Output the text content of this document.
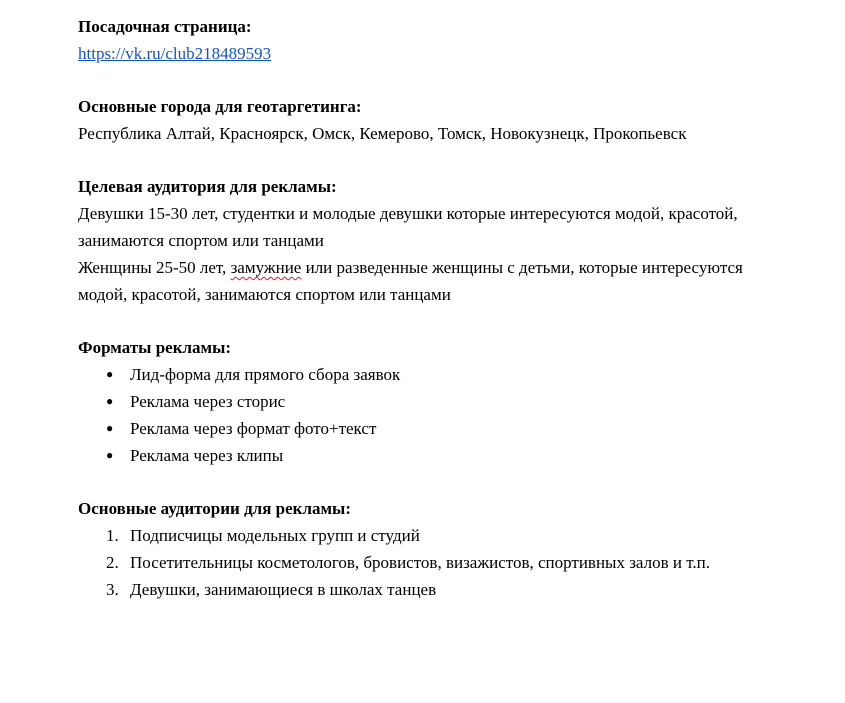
Посадочная страница:
https://vk.ru/club218489593
Основные города для геотаргетинга:

Республика Алтай, Красноярск, Омск, Кемерово, Томск, Новокузнецк, Прокопьевск

Целевая аудитория для рекламы:

Девушки 15-30 лет, студентки и молодые девушки которые интересуются модой, красотой, занимаются спортом или танцами

Женщины 25-50 лет, замужние или разведенные женщины с детьми, которые интересуются модой, красотой, занимаются спортом или танцами

Форматы рекламы:
● Лид-форма для прямого сбора заявок
● Реклама через сторис
● Реклама через формат фото+текст
● Реклама через клипы
Основные аудитории для рекламы:
1. Подписчицы модельных групп и студий
2. Посетительницы косметологов, бровистов, визажистов, спортивных залов и т.п.
3. Девушки, занимающиеся в школах танцев
